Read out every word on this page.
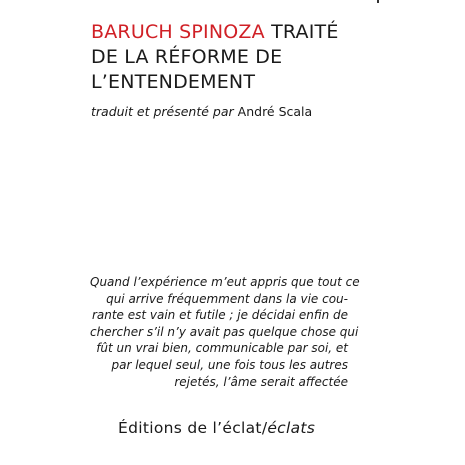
BARUCH SPINOZA TRAITÉ
DE LA RÉFORME DE
L’ENTENDEMENT
traduit et présenté par André Scala
Quand l’expérience m’eut appris que tout ce
qui arrive fréquemment dans la vie cou-
rante est vain et futile ; je décidai enfin de
chercher s’il n’y avait pas quelque chose qui
fût un vrai bien, communicable par soi, et
par lequel seul, une fois tous les autres
rejetés, l’âme serait affectée
Éditions de l’éclat/éclats
